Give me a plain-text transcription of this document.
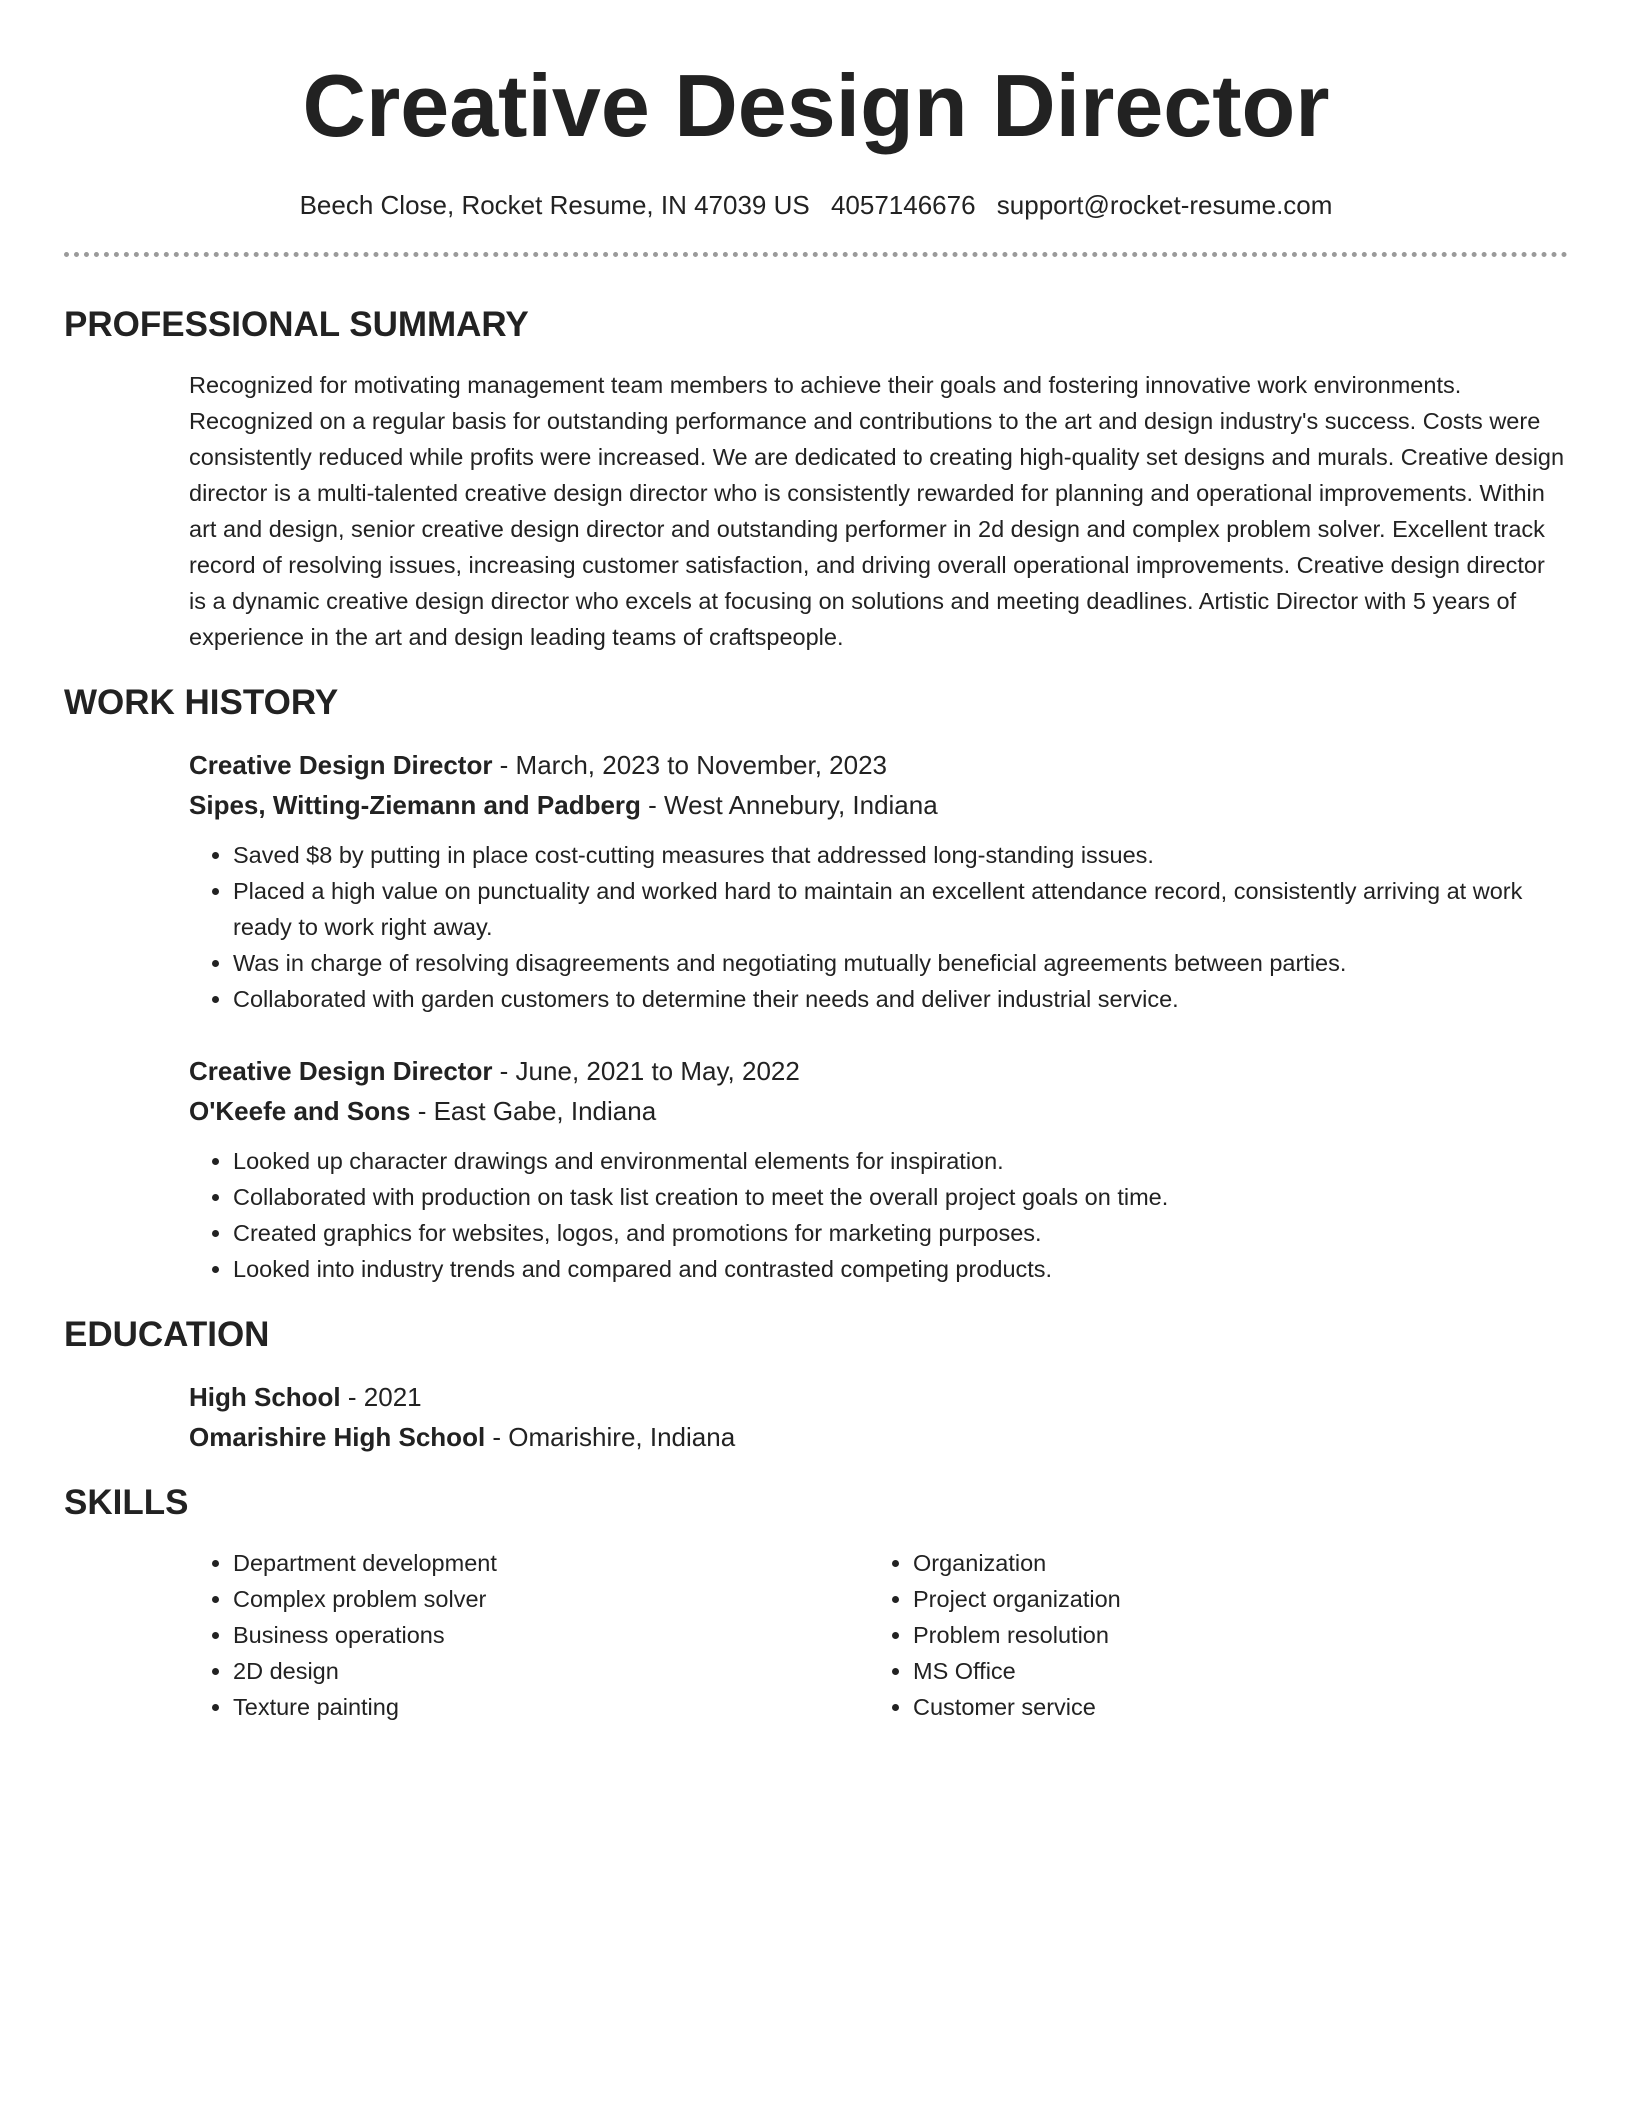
Creative Design Director
Beech Close, Rocket Resume, IN 47039 US 4057146676 support@rocket-resume.com
PROFESSIONAL SUMMARY
Recognized for motivating management team members to achieve their goals and fostering innovative work environments. Recognized on a regular basis for outstanding performance and contributions to the art and design industry's success. Costs were consistently reduced while profits were increased. We are dedicated to creating high-quality set designs and murals. Creative design director is a multi-talented creative design director who is consistently rewarded for planning and operational improvements. Within art and design, senior creative design director and outstanding performer in 2d design and complex problem solver. Excellent track record of resolving issues, increasing customer satisfaction, and driving overall operational improvements. Creative design director is a dynamic creative design director who excels at focusing on solutions and meeting deadlines. Artistic Director with 5 years of experience in the art and design leading teams of craftspeople.
WORK HISTORY
Creative Design Director - March, 2023 to November, 2023
Sipes, Witting-Ziemann and Padberg - West Annebury, Indiana
• Saved $8 by putting in place cost-cutting measures that addressed long-standing issues.
• Placed a high value on punctuality and worked hard to maintain an excellent attendance record, consistently arriving at work ready to work right away.
• Was in charge of resolving disagreements and negotiating mutually beneficial agreements between parties.
• Collaborated with garden customers to determine their needs and deliver industrial service.
Creative Design Director - June, 2021 to May, 2022
O'Keefe and Sons - East Gabe, Indiana
• Looked up character drawings and environmental elements for inspiration.
• Collaborated with production on task list creation to meet the overall project goals on time.
• Created graphics for websites, logos, and promotions for marketing purposes.
• Looked into industry trends and compared and contrasted competing products.
EDUCATION
High School - 2021
Omarishire High School - Omarishire, Indiana
SKILLS
• Department development
• Complex problem solver
• Business operations
• 2D design
• Texture painting
• Organization
• Project organization
• Problem resolution
• MS Office
• Customer service
